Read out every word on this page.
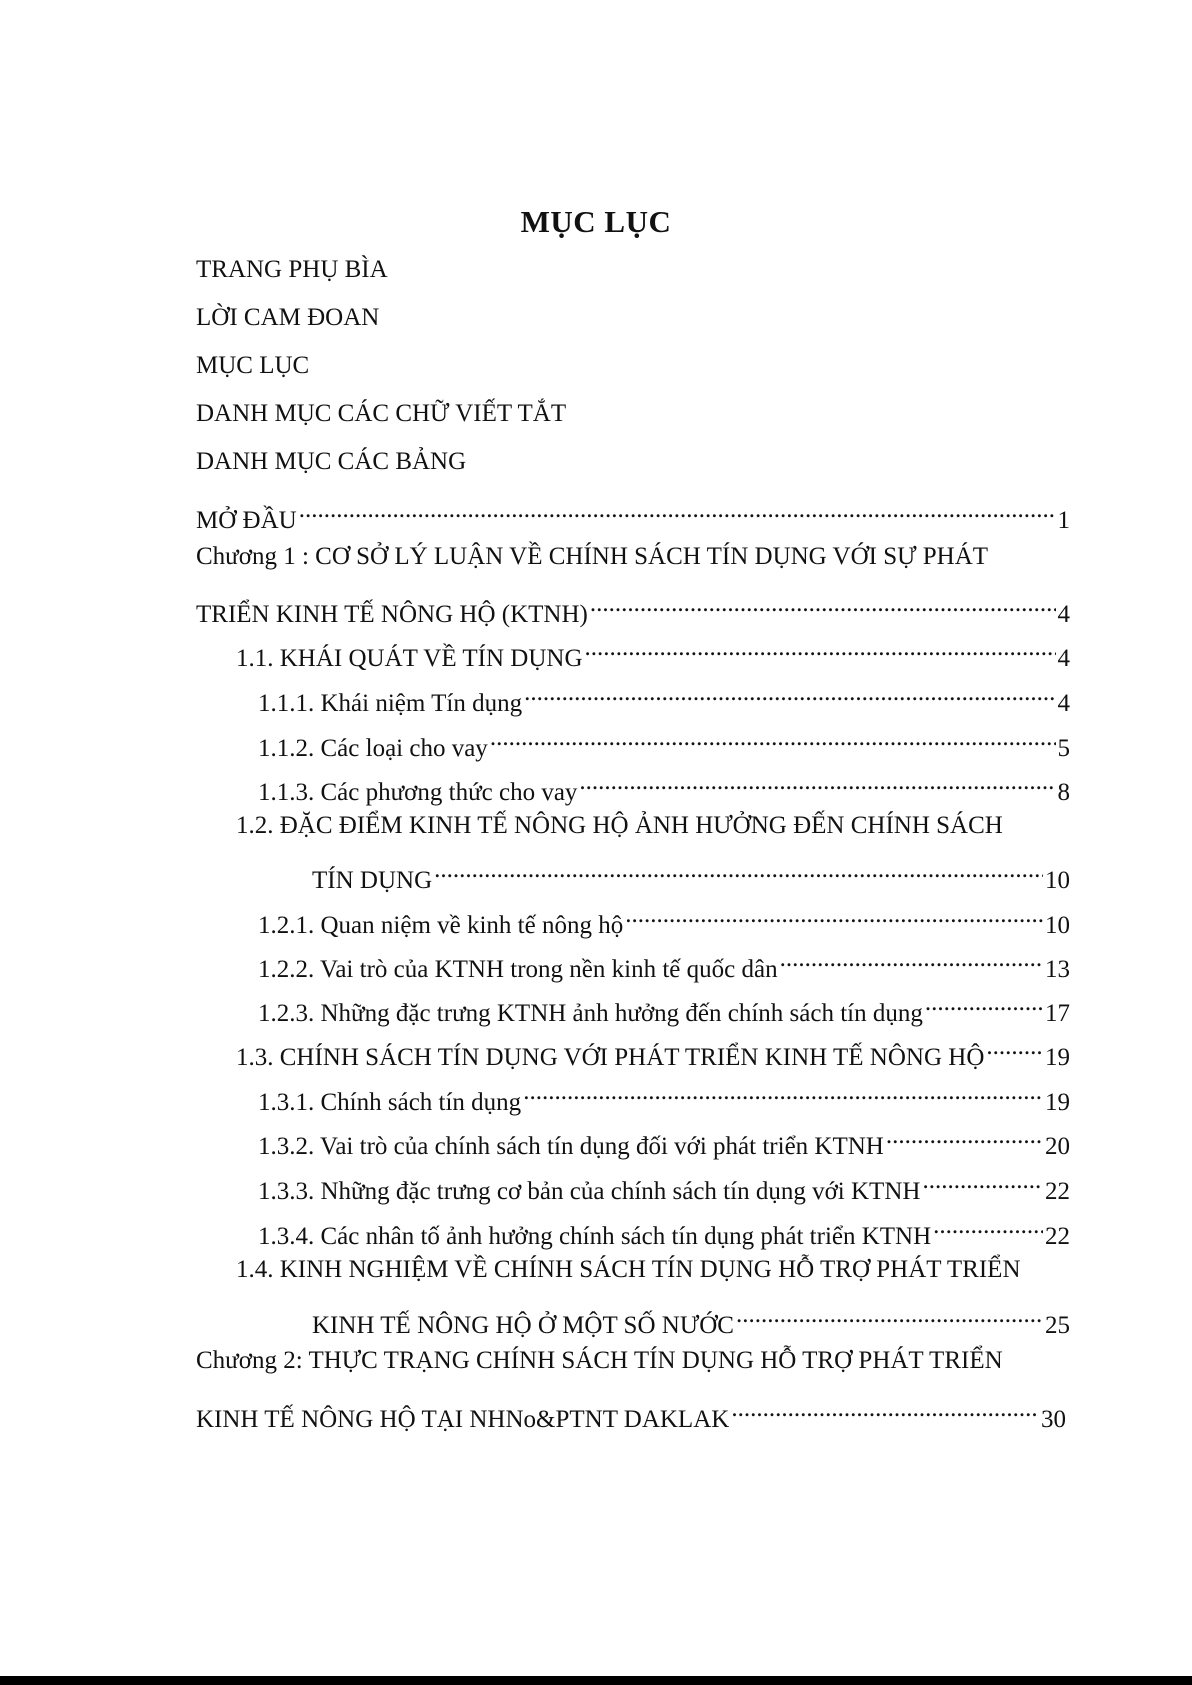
MỤC LỤC
TRANG PHỤ BÌA
LỜI CAM ĐOAN
MỤC LỤC
DANH MỤC CÁC CHỮ VIẾT TẮT
DANH MỤC CÁC BẢNG
MỞ ĐẦU .....	1
Chương 1 : CƠ SỞ LÝ LUẬN VỀ CHÍNH SÁCH TÍN DỤNG VỚI SỰ PHÁT
TRIỂN KINH TẾ NÔNG HỘ (KTNH) .....	4
1.1. KHÁI QUÁT VỀ TÍN DỤNG .....	4
1.1.1. Khái niệm Tín dụng .....	4
1.1.2. Các loại cho vay .....	5
1.1.3. Các phương thức cho vay .....	8
1.2. ĐẶC ĐIỂM KINH TẾ NÔNG HỘ ẢNH HƯỞNG ĐẾN CHÍNH SÁCH
TÍN DỤNG .....	10
1.2.1. Quan niệm về kinh tế nông hộ .....	10
1.2.2. Vai trò của KTNH trong nền kinh tế quốc dân .....	13
1.2.3. Những đặc trưng KTNH ảnh hưởng đến chính sách tín dụng .....	17
1.3. CHÍNH SÁCH TÍN DỤNG VỚI PHÁT TRIỂN KINH TẾ NÔNG HỘ ..... 19
1.3.1. Chính sách tín dụng .....	19
1.3.2. Vai trò của chính sách tín dụng đối với phát triển KTNH .....	20
1.3.3. Những đặc trưng cơ bản của chính sách tín dụng với KTNH .....	22
1.3.4. Các nhân tố ảnh hưởng chính sách tín dụng phát triển KTNH .....	22
1.4. KINH NGHIỆM VỀ CHÍNH SÁCH TÍN DỤNG HỖ TRỢ PHÁT TRIỂN
KINH TẾ NÔNG HỘ Ở MỘT SỐ NƯỚC .....	25
Chương 2: THỰC TRẠNG CHÍNH SÁCH TÍN DỤNG HỖ TRỢ PHÁT TRIỂN
KINH TẾ NÔNG HỘ TẠI NHNo&PTNT DAKLAK .....	30
